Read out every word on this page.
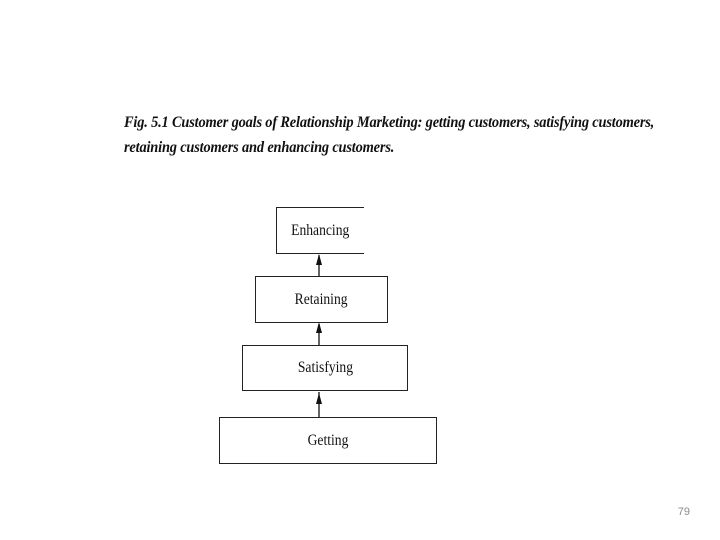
Fig. 5.1 Customer goals of Relationship Marketing: getting customers, satisfying customers,
retaining customers and enhancing customers.
Enhancing
Retaining
Satisfying
Getting
79
